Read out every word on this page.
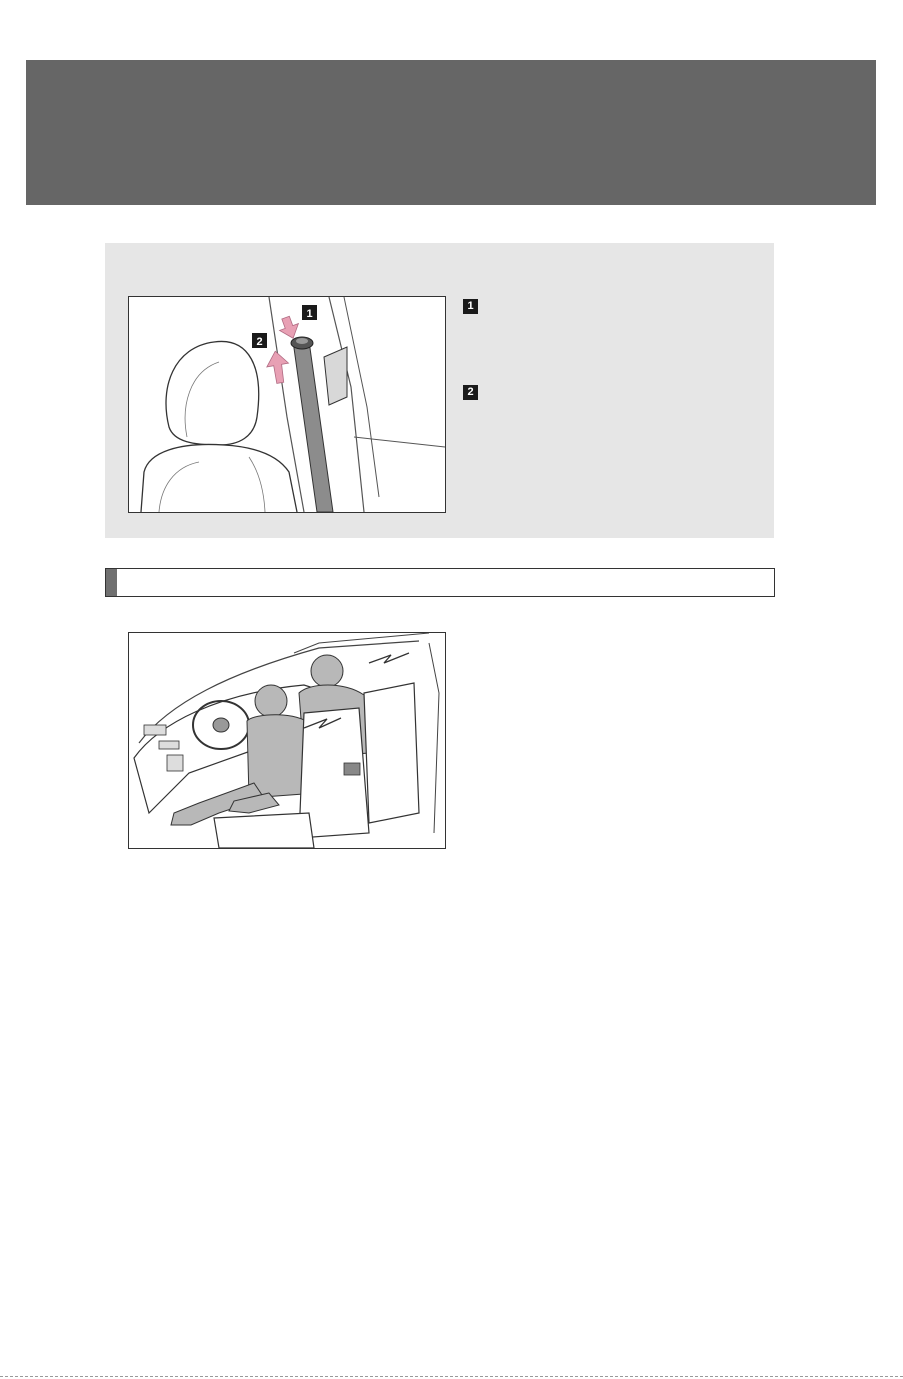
1
2
1
2
